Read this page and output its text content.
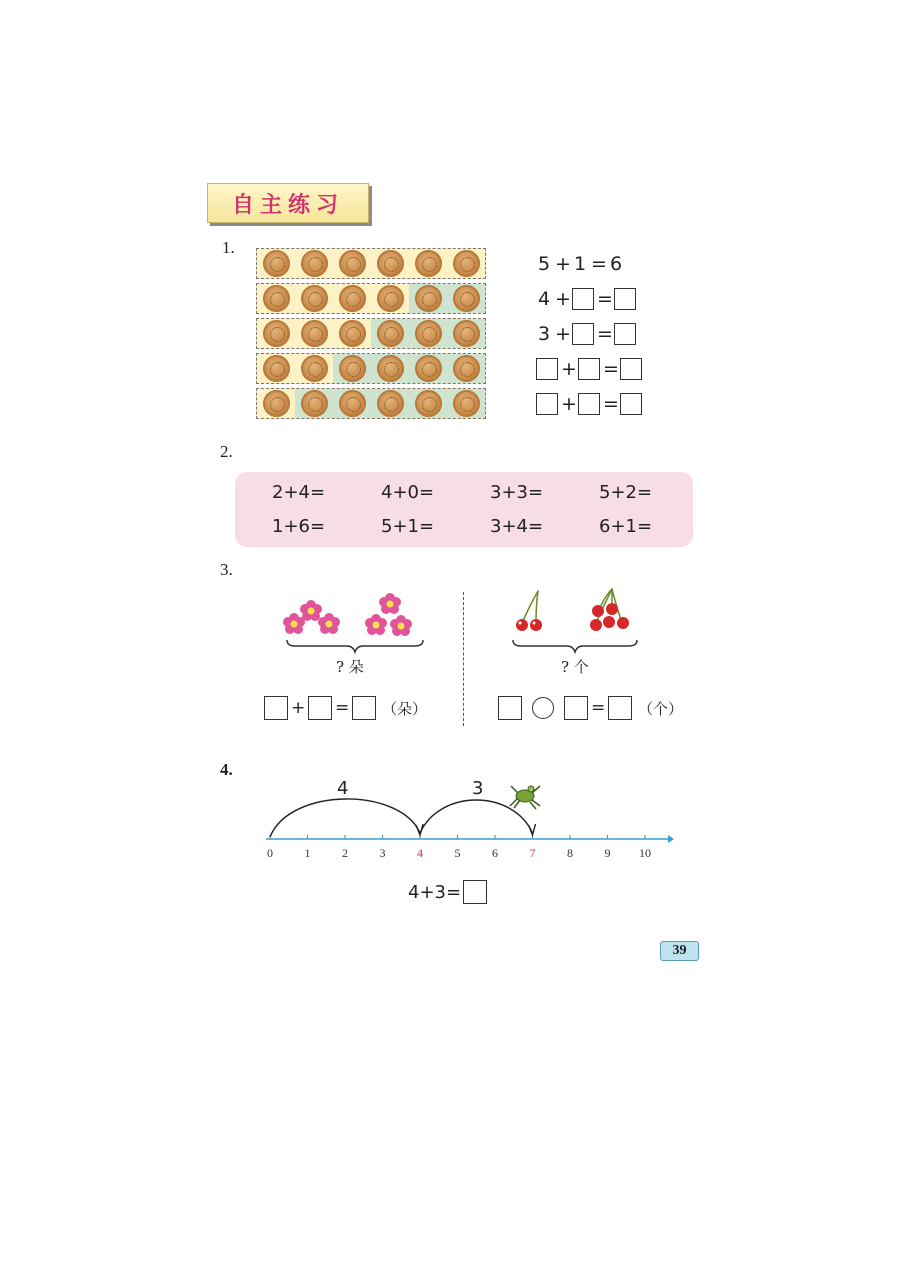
自主练习
1.
5 + 1 = 6
4 + =
3 + =
+ =
+ =
2.
2+4=	4+0=	3+3=	5+2=
1+6=	5+1=	3+4=	6+1=
3.
? 朵
+ = （朵）
? 个
= （个）
4.
0	1	2	3	4	5	6	7	8	9 10
4	3
4+3=
39
